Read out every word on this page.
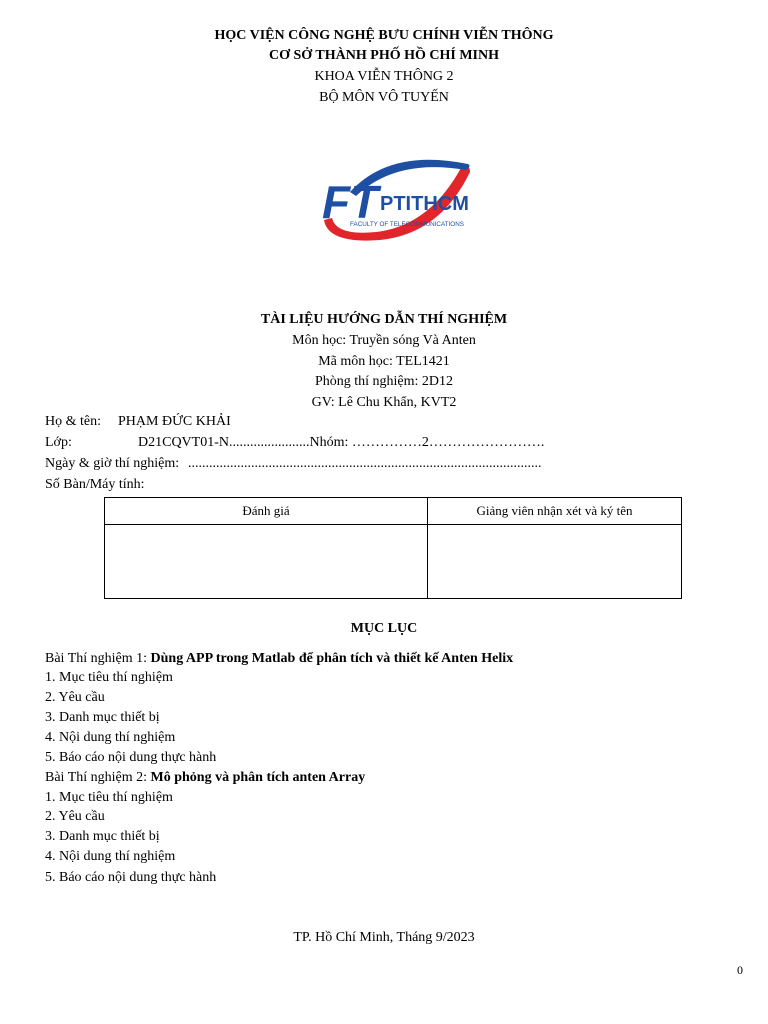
HỌC VIỆN CÔNG NGHỆ BƯU CHÍNH VIỄN THÔNG
CƠ SỞ THÀNH PHỐ HỒ CHÍ MINH
KHOA VIỄN THÔNG 2
BỘ MÔN VÔ TUYẾN
FT PTITHCM
FACULTY OF TELECOMMUNICATIONS
TÀI LIỆU HƯỚNG DẪN THÍ NGHIỆM
Môn học: Truyền sóng Và Anten
Mã môn học: TEL1421
Phòng thí nghiệm: 2D12
GV: Lê Chu Khẩn, KVT2
Họ & tên: PHẠM ĐỨC KHẢI
Lớp:	D21CQVT01-N.......................Nhóm: ……………2…………………….
Ngày & giờ thí nghiệm: .....................................................................................................
Số Bàn/Máy tính:
Đánh giá	Giảng viên nhận xét và ký tên

MỤC LỤC
Bài Thí nghiệm 1: Dùng APP trong Matlab để phân tích và thiết kế Anten Helix
1. Mục tiêu thí nghiệm
2. Yêu cầu
3. Danh mục thiết bị
4. Nội dung thí nghiệm
5. Báo cáo nội dung thực hành
Bài Thí nghiệm 2: Mô phỏng và phân tích anten Array
1. Mục tiêu thí nghiệm
2. Yêu cầu
3. Danh mục thiết bị
4. Nội dung thí nghiệm
5. Báo cáo nội dung thực hành
TP. Hồ Chí Minh, Tháng 9/2023
0
